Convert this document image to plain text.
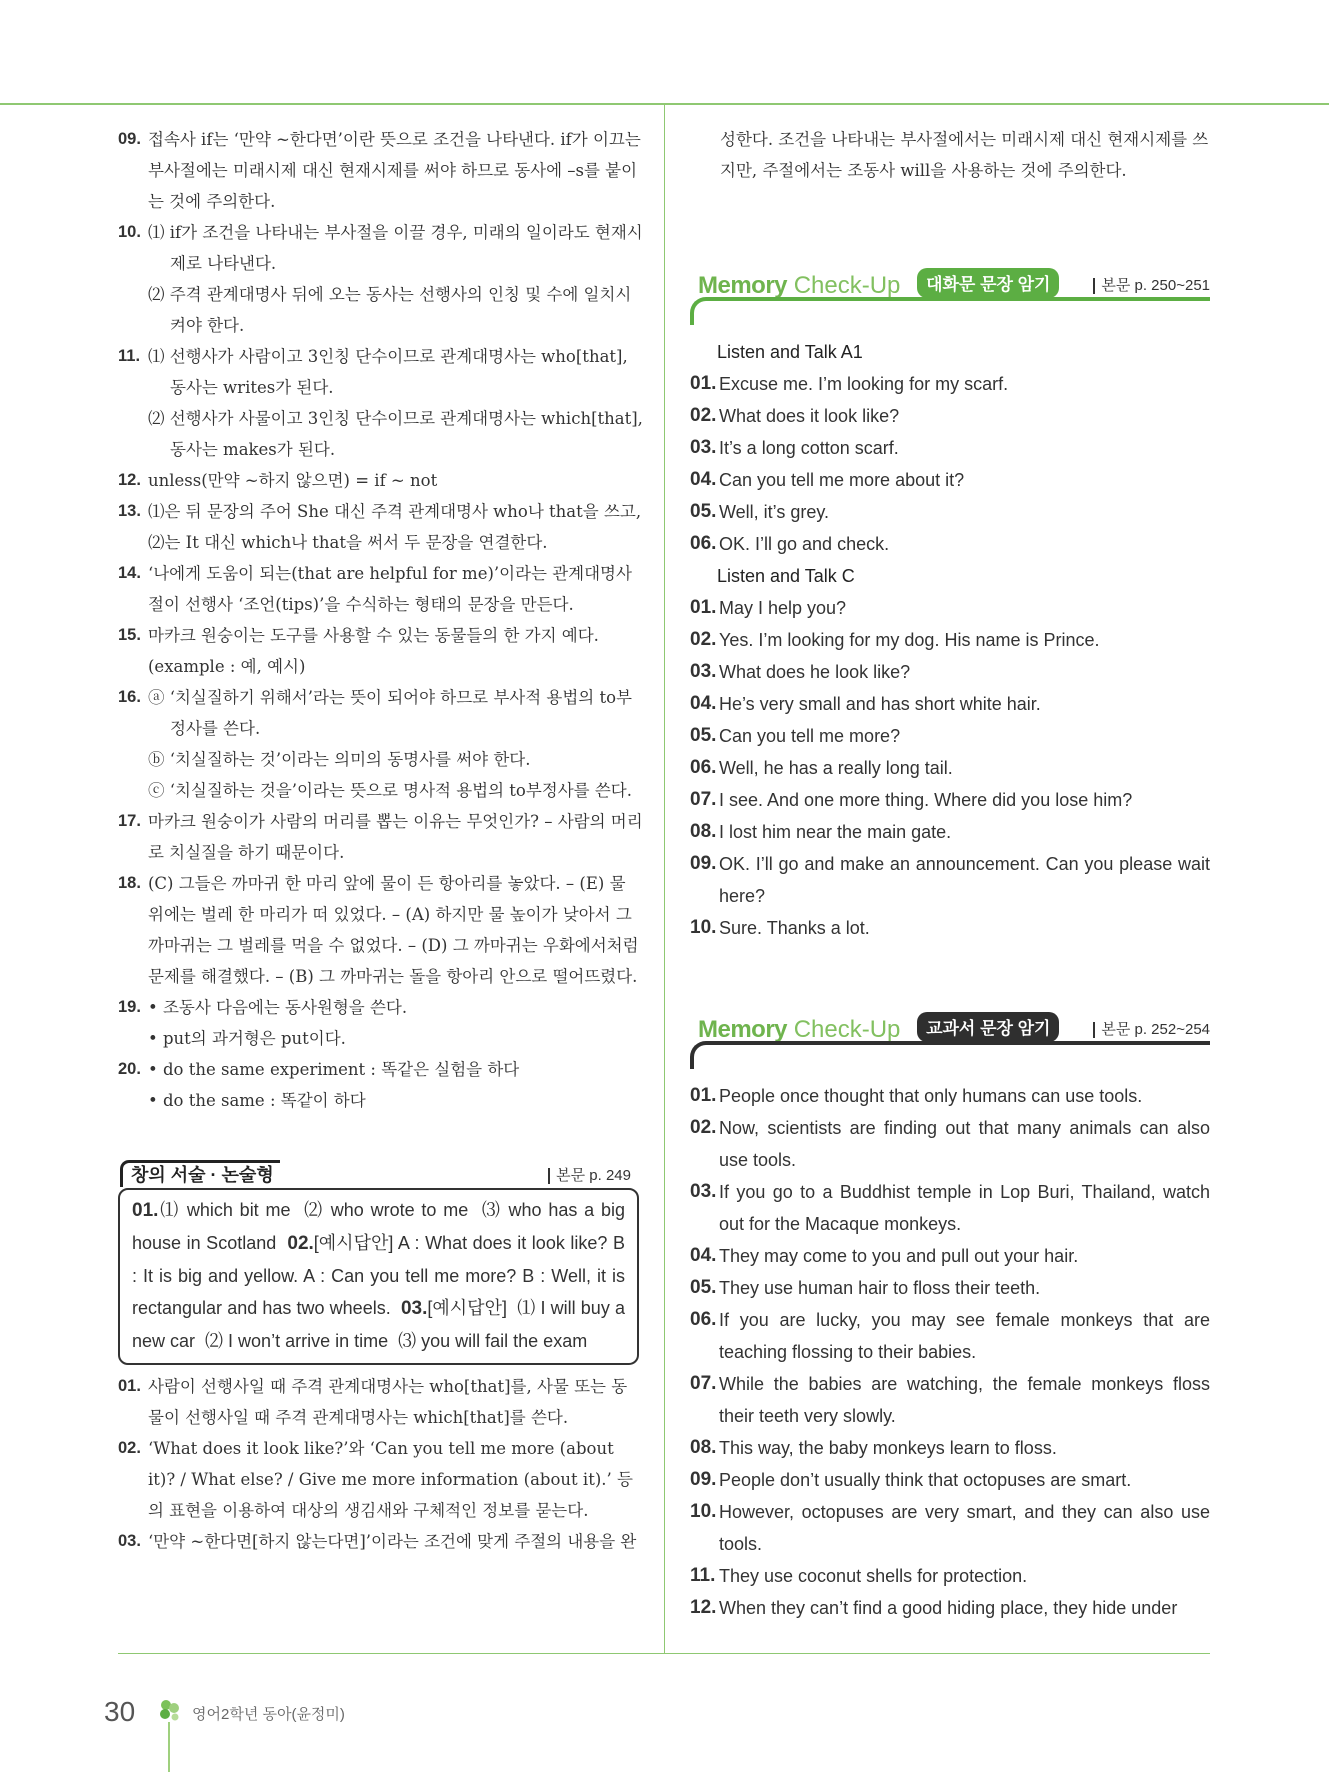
09. 접속사 if는 ‘만약 ~한다면’이란 뜻으로 조건을 나타낸다. if가 이끄는 부사절에는 미래시제 대신 현재시제를 써야 하므로 동사에 –s를 붙이는 것에 주의한다.
10. ⑴ if가 조건을 나타내는 부사절을 이끌 경우, 미래의 일이라도 현재시제로 나타낸다.
⑵ 주격 관계대명사 뒤에 오는 동사는 선행사의 인칭 및 수에 일치시켜야 한다.
11. ⑴ 선행사가 사람이고 3인칭 단수이므로 관계대명사는 who[that], 동사는 writes가 된다.
⑵ 선행사가 사물이고 3인칭 단수이므로 관계대명사는 which[that], 동사는 makes가 된다.
12. unless(만약 ~하지 않으면) = if ~ not
13. ⑴은 뒤 문장의 주어 She 대신 주격 관계대명사 who나 that을 쓰고, ⑵는 It 대신 which나 that을 써서 두 문장을 연결한다.
14. ‘나에게 도움이 되는(that are helpful for me)’이라는 관계대명사절이 선행사 ‘조언(tips)’을 수식하는 형태의 문장을 만든다.
15. 마카크 원숭이는 도구를 사용할 수 있는 동물들의 한 가지 예다. (example : 예, 예시)
16. ⓐ ‘치실질하기 위해서’라는 뜻이 되어야 하므로 부사적 용법의 to부정사를 쓴다.
ⓑ ‘치실질하는 것’이라는 의미의 동명사를 써야 한다.
ⓒ ‘치실질하는 것을’이라는 뜻으로 명사적 용법의 to부정사를 쓴다.
17. 마카크 원숭이가 사람의 머리를 뽑는 이유는 무엇인가? – 사람의 머리로 치실질을 하기 때문이다.
18. (C) 그들은 까마귀 한 마리 앞에 물이 든 항아리를 놓았다. – (E) 물 위에는 벌레 한 마리가 떠 있었다. – (A) 하지만 물 높이가 낮아서 그 까마귀는 그 벌레를 먹을 수 없었다. – (D) 그 까마귀는 우화에서처럼 문제를 해결했다. – (B) 그 까마귀는 돌을 항아리 안으로 떨어뜨렸다.
19. • 조동사 다음에는 동사원형을 쓴다.
• put의 과거형은 put이다.
20. • do the same experiment : 똑같은 실험을 하다
• do the same : 똑같이 하다
창의 서술 · 논술형	본문 p. 249
01.⑴ which bit me ⑵ who wrote to me ⑶ who has a big house in Scotland 02.[예시답안] A : What does it look like? B : It is big and yellow. A : Can you tell me more? B : Well, it is rectangular and has two wheels. 03.[예시답안] ⑴ I will buy a new car ⑵ I won’t arrive in time ⑶ you will fail the exam
01. 사람이 선행사일 때 주격 관계대명사는 who[that]를, 사물 또는 동물이 선행사일 때 주격 관계대명사는 which[that]를 쓴다.
02. ‘What does it look like?’와 ‘Can you tell me more (about it)? / What else? / Give me more information (about it).’ 등의 표현을 이용하여 대상의 생김새와 구체적인 정보를 묻는다.
03. ‘만약 ~한다면[하지 않는다면]’이라는 조건에 맞게 주절의 내용을 완
성한다. 조건을 나타내는 부사절에서는 미래시제 대신 현재시제를 쓰지만, 주절에서는 조동사 will을 사용하는 것에 주의한다.
Memory Check-Up 대화문 문장 암기	본문 p. 250~251
Listen and Talk A1
01. Excuse me. I’m looking for my scarf.
02. What does it look like?
03. It’s a long cotton scarf.
04. Can you tell me more about it?
05. Well, it’s grey.
06. OK. I’ll go and check.
Listen and Talk C
01. May I help you?
02. Yes. I’m looking for my dog. His name is Prince.
03. What does he look like?
04. He’s very small and has short white hair.
05. Can you tell me more?
06. Well, he has a really long tail.
07. I see. And one more thing. Where did you lose him?
08. I lost him near the main gate.
09. OK. I’ll go and make an announcement. Can you please wait here?
10. Sure. Thanks a lot.
Memory Check-Up 교과서 문장 암기	본문 p. 252~254
01. People once thought that only humans can use tools.
02. Now, scientists are finding out that many animals can also use tools.
03. If you go to a Buddhist temple in Lop Buri, Thailand, watch out for the Macaque monkeys.
04. They may come to you and pull out your hair.
05. They use human hair to floss their teeth.
06. If you are lucky, you may see female monkeys that are teaching flossing to their babies.
07. While the babies are watching, the female monkeys floss their teeth very slowly.
08. This way, the baby monkeys learn to floss.
09. People don’t usually think that octopuses are smart.
10. However, octopuses are very smart, and they can also use tools.
11. They use coconut shells for protection.
12. When they can’t find a good hiding place, they hide under
30	영어2학년 동아(윤정미)
